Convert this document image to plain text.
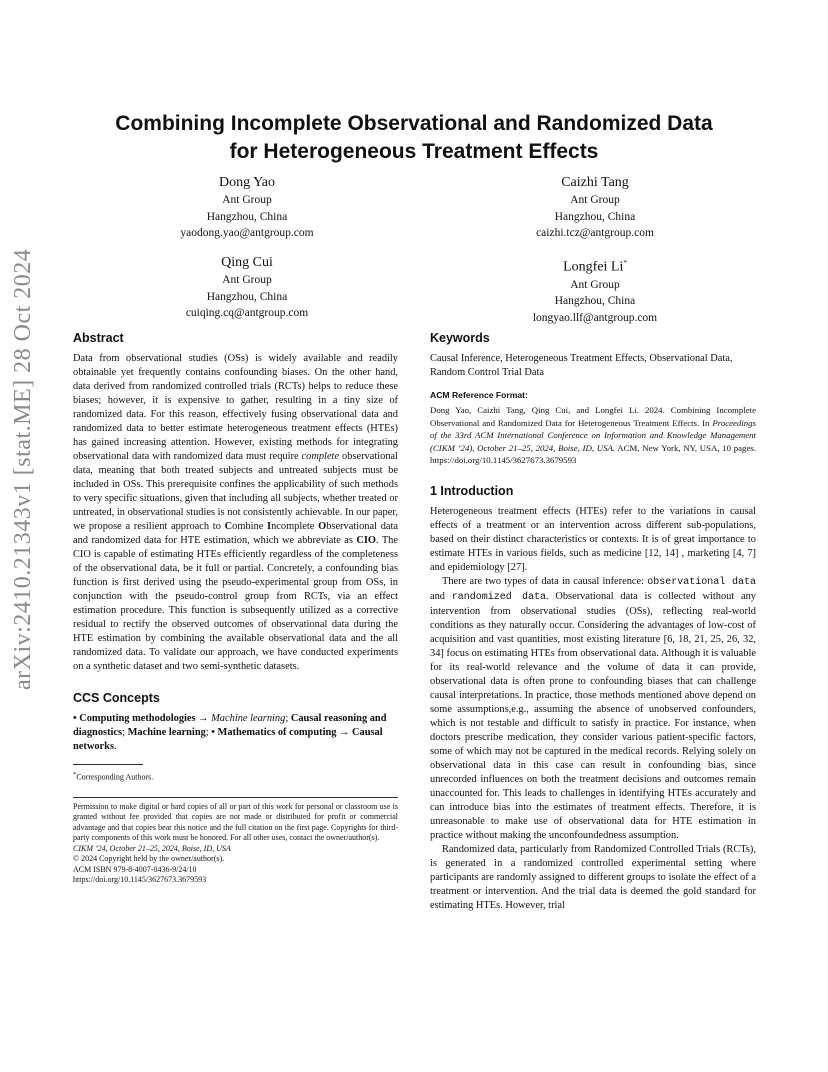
arXiv:2410.21343v1 [stat.ME] 28 Oct 2024
Combining Incomplete Observational and Randomized Data
for Heterogeneous Treatment Effects
Dong Yao
Ant Group
Hangzhou, China
yaodong.yao@antgroup.com
Caizhi Tang
Ant Group
Hangzhou, China
caizhi.tcz@antgroup.com
Qing Cui
Ant Group
Hangzhou, China
cuiqing.cq@antgroup.com
Longfei Li*
Ant Group
Hangzhou, China
longyao.llf@antgroup.com
Abstract

Data from observational studies (OSs) is widely available and readily obtainable yet frequently contains confounding biases. On the other hand, data derived from randomized controlled trials (RCTs) helps to reduce these biases; however, it is expensive to gather, resulting in a tiny size of randomized data. For this reason, effectively fusing observational data and randomized data to better estimate heterogeneous treatment effects (HTEs) has gained increasing attention. However, existing methods for integrating observational data with randomized data must require complete observational data, meaning that both treated subjects and untreated subjects must be included in OSs. This prerequisite confines the applicability of such methods to very specific situations, given that including all subjects, whether treated or untreated, in observational studies is not consistently achievable. In our paper, we propose a resilient approach to Combine Incomplete Observational data and randomized data for HTE estimation, which we abbreviate as CIO. The CIO is capable of estimating HTEs efficiently regardless of the completeness of the observational data, be it full or partial. Concretely, a confounding bias function is first derived using the pseudo-experimental group from OSs, in conjunction with the pseudo-control group from RCTs, via an effect estimation procedure. This function is subsequently utilized as a corrective residual to rectify the observed outcomes of observational data during the HTE estimation by combining the available observational data and the all randomized data. To validate our approach, we have conducted experiments on a synthetic dataset and two semi-synthetic datasets.

CCS Concepts

• Computing methodologies → Machine learning; Causal reasoning and diagnostics; Machine learning; • Mathematics of computing → Causal networks.

*Corresponding Authors.
Permission to make digital or hard copies of all or part of this work for personal or classroom use is granted without fee provided that copies are not made or distributed for profit or commercial advantage and that copies bear this notice and the full citation on the first page. Copyrights for third-party components of this work must be honored. For all other uses, contact the owner/author(s).
CIKM ’24, October 21–25, 2024, Boise, ID, USA
© 2024 Copyright held by the owner/author(s).
ACM ISBN 979-8-4007-0436-9/24/10
https://doi.org/10.1145/3627673.3679593
Keywords

Causal Inference, Heterogeneous Treatment Effects, Observational Data, Random Control Trial Data

ACM Reference Format:

Dong Yao, Caizhi Tang, Qing Cui, and Longfei Li. 2024. Combining Incomplete Observational and Randomized Data for Heterogeneous Treatment Effects. In Proceedings of the 33rd ACM International Conference on Information and Knowledge Management (CIKM ’24), October 21–25, 2024, Boise, ID, USA. ACM, New York, NY, USA, 10 pages. https://doi.org/10.1145/3627673.3679593

1 Introduction

Heterogeneous treatment effects (HTEs) refer to the variations in causal effects of a treatment or an intervention across different sub-populations, based on their distinct characteristics or contexts. It is of great importance to estimate HTEs in various fields, such as medicine [12, 14] , marketing [4, 7] and epidemiology [27].

There are two types of data in causal inference: observational data and randomized data. Observational data is collected without any intervention from observational studies (OSs), reflecting real-world conditions as they naturally occur. Considering the advantages of low-cost of acquisition and vast quantities, most existing literature [6, 18, 21, 25, 26, 32, 34] focus on estimating HTEs from observational data. Although it is valuable for its real-world relevance and the volume of data it can provide, observational data is often prone to confounding biases that can challenge causal interpretations. In practice, those methods mentioned above depend on some assumptions,e.g., assuming the absence of unobserved confounders, which is not testable and difficult to satisfy in practice. For instance, when doctors prescribe medication, they consider various patient-specific factors, some of which may not be captured in the medical records. Relying solely on observational data in this case can result in confounding bias, since unrecorded influences on both the treatment decisions and outcomes remain unaccounted for. This leads to challenges in identifying HTEs accurately and can introduce bias into the estimates of treatment effects. Therefore, it is unreasonable to make use of observational data for HTE estimation in practice without making the unconfoundedness assumption.

Randomized data, particularly from Randomized Controlled Trials (RCTs), is generated in a randomized controlled experimental setting where participants are randomly assigned to different groups to isolate the effect of a treatment or intervention. And the trial data is deemed the gold standard for estimating HTEs. However, trial
